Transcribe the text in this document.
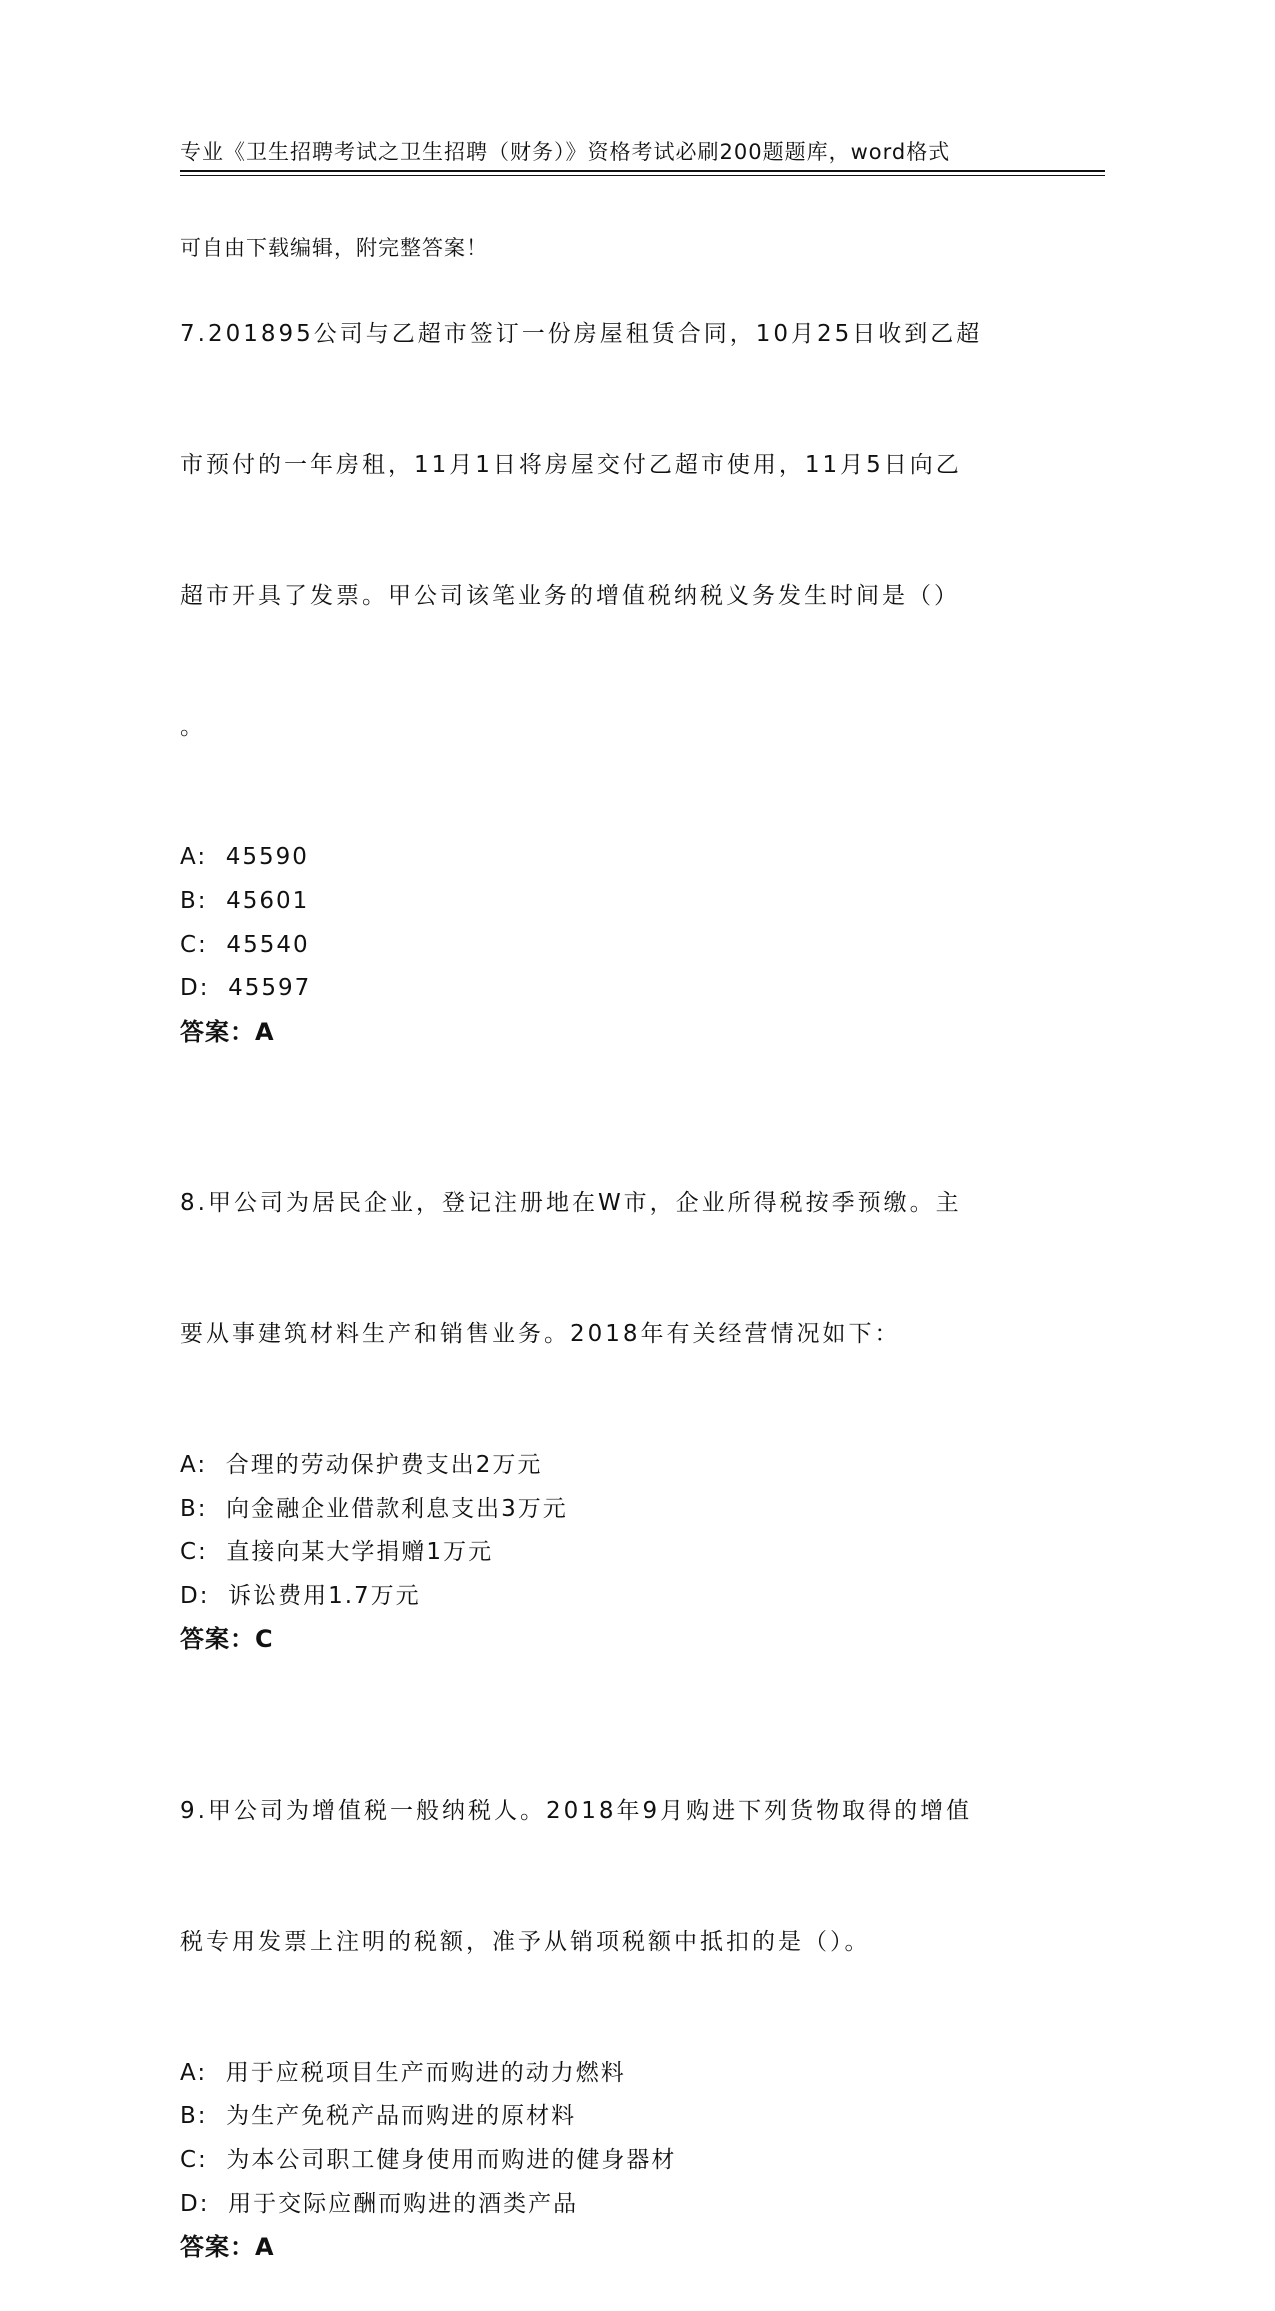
专业《卫生招聘考试之卫生招聘（财务）》资格考试必刷200题题库，word格式

可自由下载编辑，附完整答案！

7.201895公司与乙超市签订一份房屋租赁合同，10月25日收到乙超

市预付的一年房租，11月1日将房屋交付乙超市使用，11月5日向乙

超市开具了发票。甲公司该笔业务的增值税纳税义务发生时间是（）

。

A:  45590
B:  45601
C:  45540
D:  45597
答案：A

8.甲公司为居民企业，登记注册地在W市，企业所得税按季预缴。主

要从事建筑材料生产和销售业务。2018年有关经营情况如下：

A:  合理的劳动保护费支出2万元
B:  向金融企业借款利息支出3万元
C:  直接向某大学捐赠1万元
D:  诉讼费用1.7万元
答案：C

9.甲公司为增值税一般纳税人。2018年9月购进下列货物取得的增值

税专用发票上注明的税额，准予从销项税额中抵扣的是（）。

A:  用于应税项目生产而购进的动力燃料
B:  为生产免税产品而购进的原材料
C:  为本公司职工健身使用而购进的健身器材
D:  用于交际应酬而购进的酒类产品
答案：A
